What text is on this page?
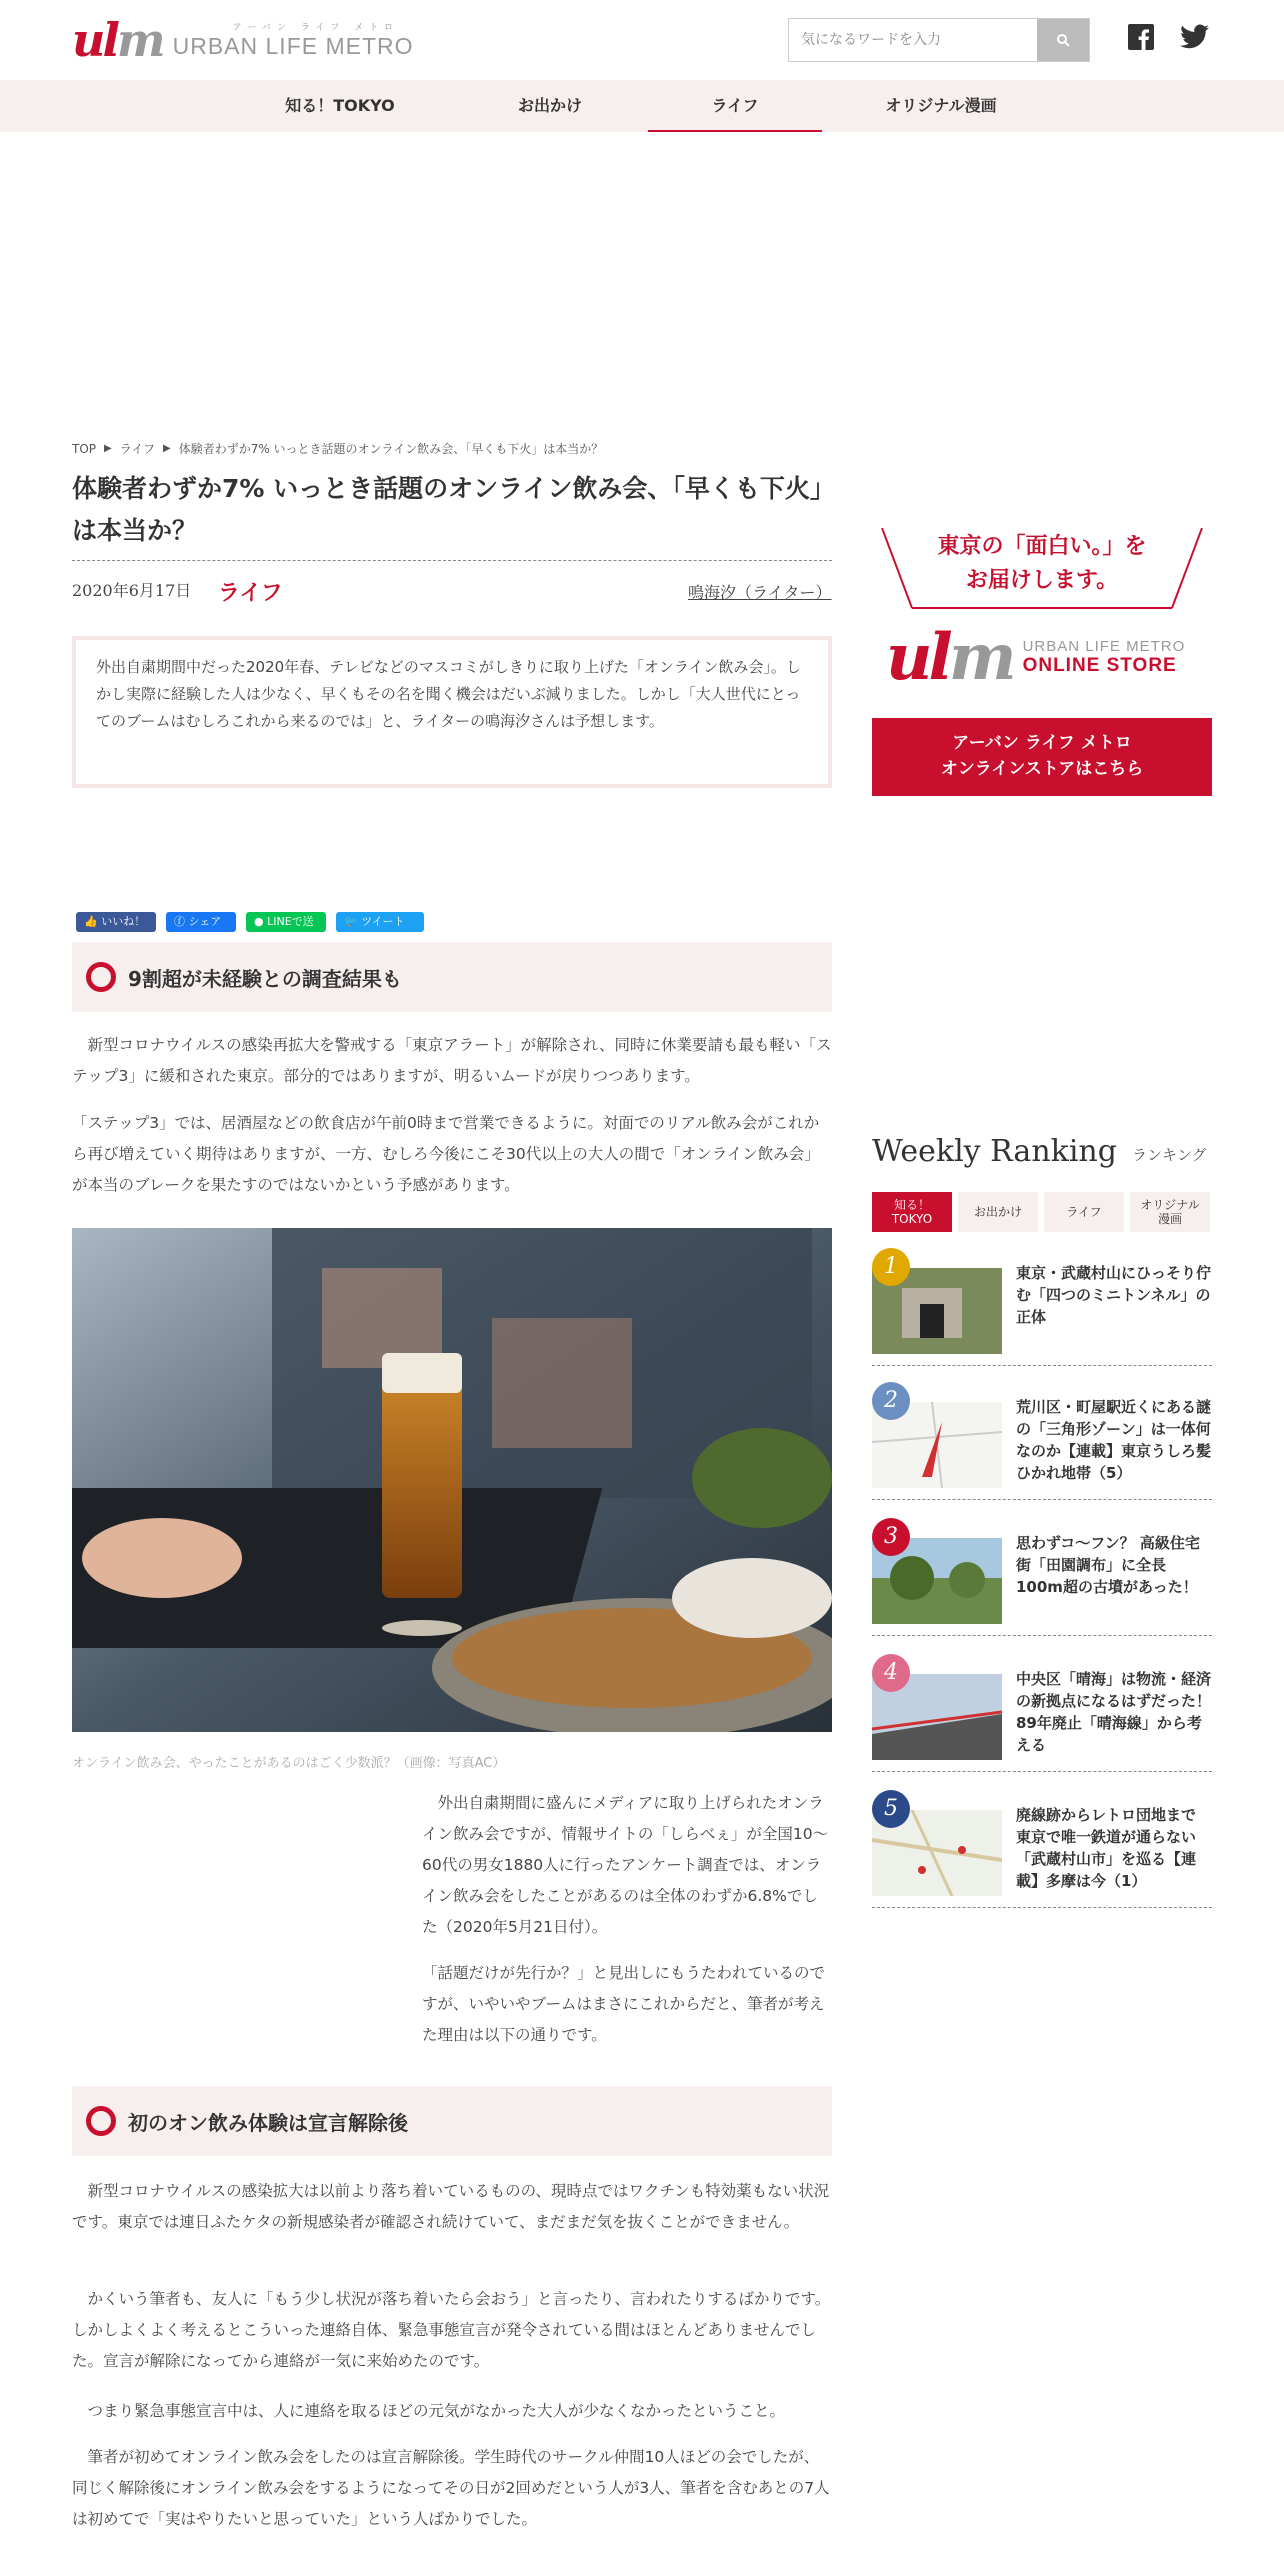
ulm	アーバン ライフ メトロ
URBAN LIFE METRO
気になるワードを入力
知る！TOKYO	お出かけ	ライフ	オリジナル漫画
TOP ▶ ライフ ▶ 体験者わずか7% いっとき話題のオンライン飲み会、「早くも下火」は本当か？
体験者わずか7% いっとき話題のオンライン飲み会、「早くも下火」は本当か？
2020年6月17日 ライフ	鳴海汐（ライター）
外出自粛期間中だった2020年春、テレビなどのマスコミがしきりに取り上げた「オンライン飲み会」。しかし実際に経験した人は少なく、早くもその名を聞く機会はだいぶ減りました。しかし「大人世代にとってのブームはむしろこれから来るのでは」と、ライターの鳴海汐さんは予想します。
👍 いいね！	ⓕ シェア	● LINEで送	🐦 ツイート
9割超が未経験との調査結果も

　新型コロナウイルスの感染再拡大を警戒する「東京アラート」が解除され、同時に休業要請も最も軽い「ステップ3」に緩和された東京。部分的ではありますが、明るいムードが戻りつつあります。

「ステップ3」では、居酒屋などの飲食店が午前0時まで営業できるように。対面でのリアル飲み会がこれから再び増えていく期待はありますが、一方、むしろ今後にこそ30代以上の大人の間で「オンライン飲み会」が本当のブレークを果たすのではないかという予感があります。

オンライン飲み会、やったことがあるのはごく少数派？（画像：写真AC）

　外出自粛期間に盛んにメディアに取り上げられたオンライン飲み会ですが、情報サイトの「しらべぇ」が全国10～60代の男女1880人に行ったアンケート調査では、オンライン飲み会をしたことがあるのは全体のわずか6.8%でした（2020年5月21日付）。

「話題だけが先行か？」と見出しにもうたわれているのですが、いやいやブームはまさにこれからだと、筆者が考えた理由は以下の通りです。

初のオン飲み体験は宣言解除後

　新型コロナウイルスの感染拡大は以前より落ち着いているものの、現時点ではワクチンも特効薬もない状況です。東京では連日ふたケタの新規感染者が確認され続けていて、まだまだ気を抜くことができません。

　かくいう筆者も、友人に「もう少し状況が落ち着いたら会おう」と言ったり、言われたりするばかりです。しかしよくよく考えるとこういった連絡自体、緊急事態宣言が発令されている間はほとんどありませんでした。宣言が解除になってから連絡が一気に来始めたのです。

　つまり緊急事態宣言中は、人に連絡を取るほどの元気がなかった大人が少なくなかったということ。

　筆者が初めてオンライン飲み会をしたのは宣言解除後。学生時代のサークル仲間10人ほどの会でしたが、同じく解除後にオンライン飲み会をするようになってその日が2回めだという人が3人、筆者を含むあとの7人は初めてで「実はやりたいと思っていた」という人ばかりでした。

東京の「面白い。」を
お届けします。
ulm URBAN LIFE METRO
ONLINE STORE
アーバン ライフ メトロ
オンラインストアはこちら
Weekly Ranking ランキング
知る！
TOKYO	お出かけ	ライフ	オリジナル
漫画
1	東京・武蔵村山にひっそり佇む「四つのミニトンネル」の正体
2	荒川区・町屋駅近くにある謎の「三角形ゾーン」は一体何なのか【連載】東京うしろ髪ひかれ地帯（5）
3	思わずコ～フン？ 高級住宅街「田園調布」に全長100m超の古墳があった！
4	中央区「晴海」は物流・経済の新拠点になるはずだった！ 89年廃止「晴海線」から考える
5	廃線跡からレトロ団地まで 東京で唯一鉄道が通らない「武蔵村山市」を巡る【連載】多摩は今（1）
